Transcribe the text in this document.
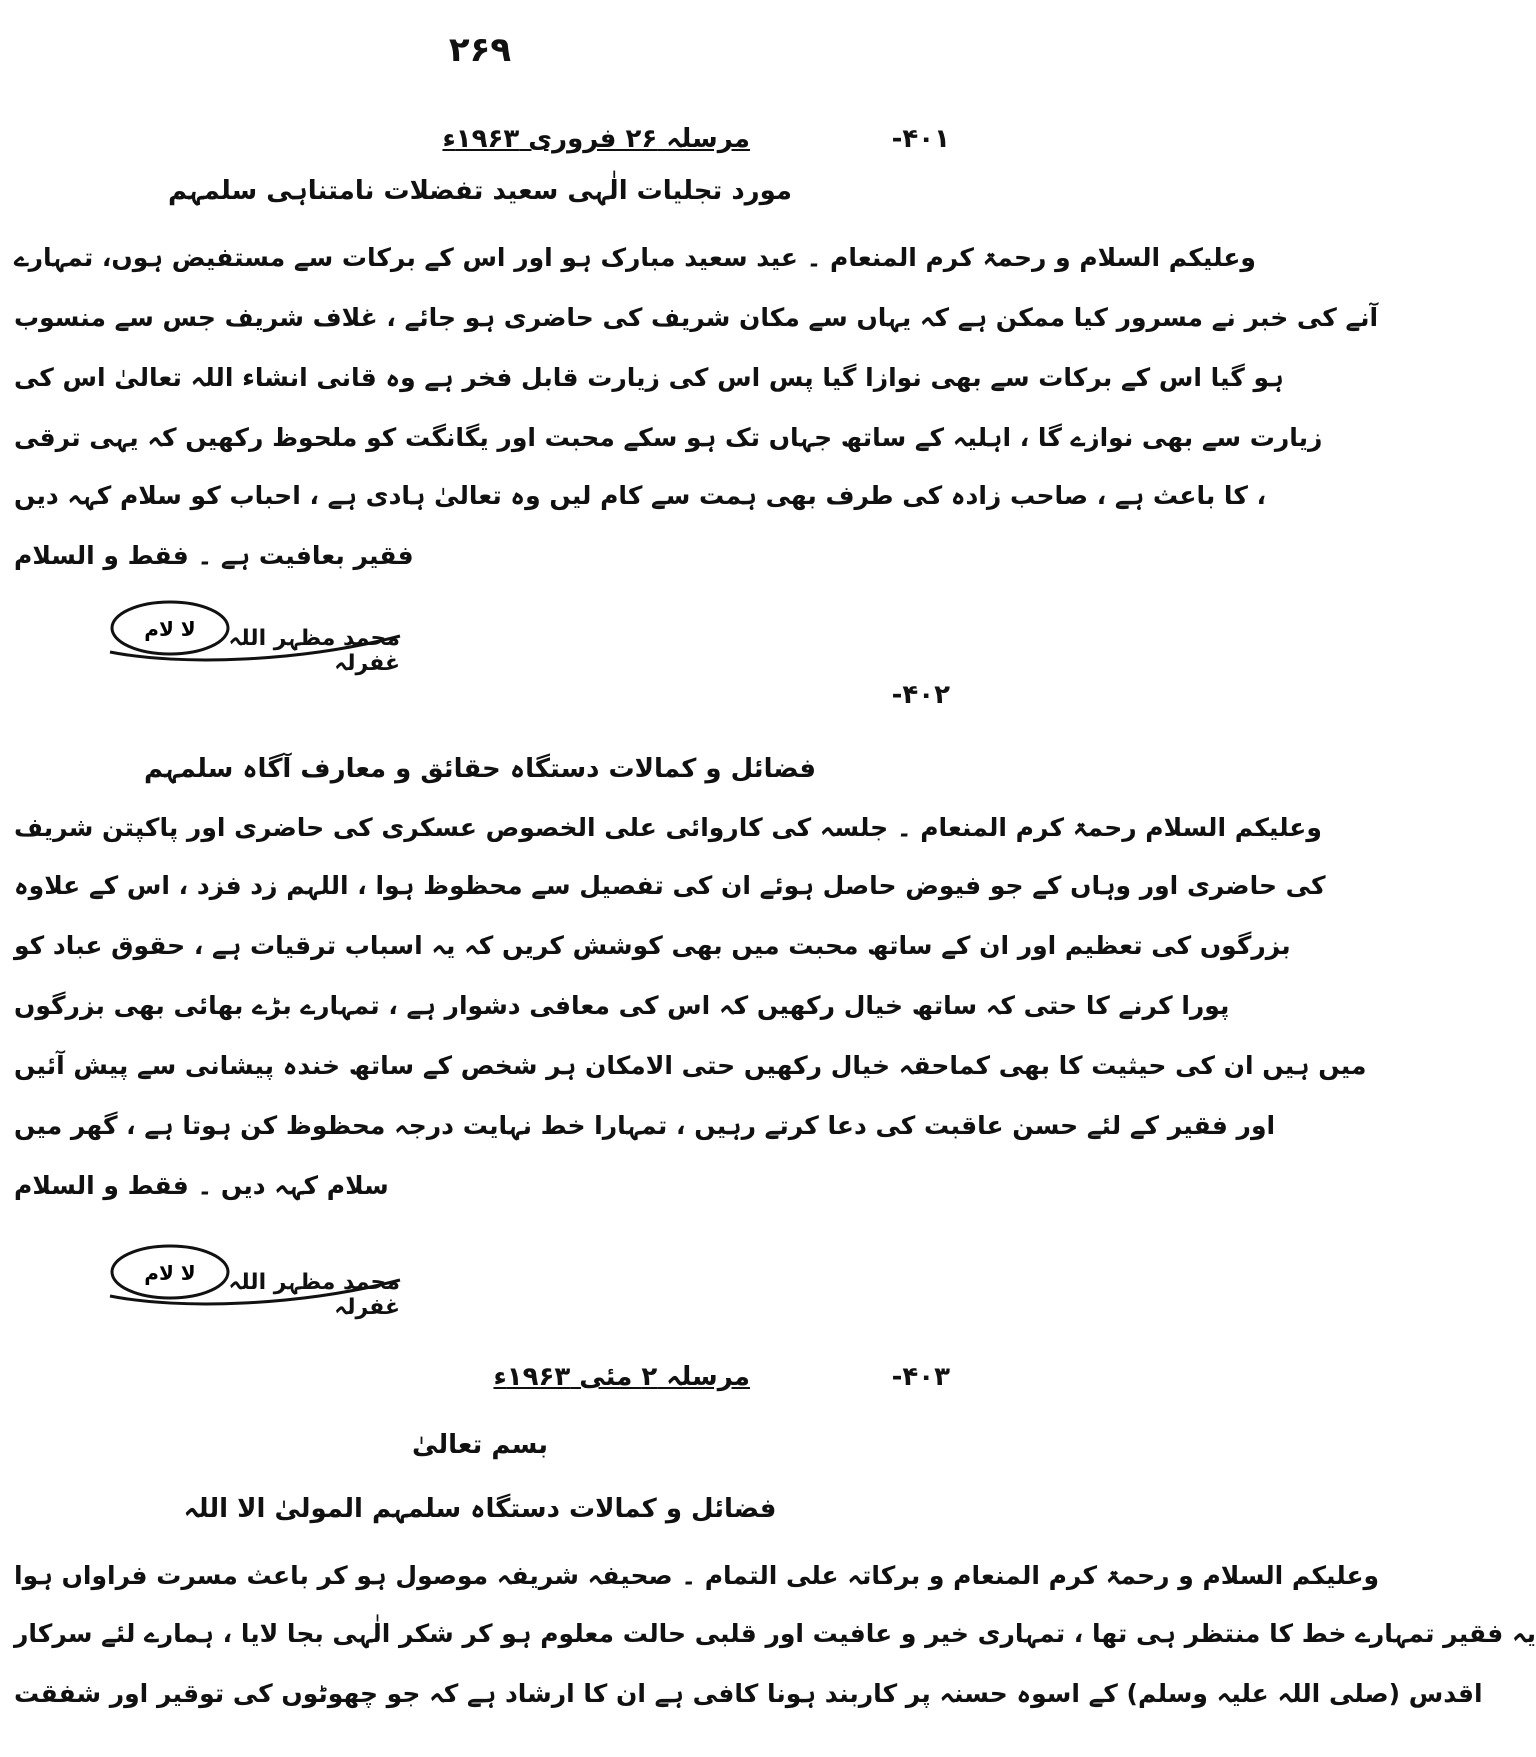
۲۶۹
۴۰۱-
مرسلہ ۲۶ فروری ۱۹۶۳ء
مورد تجلیات الٰہی سعید تفضلات نامتناہی سلمہم
وعلیکم السلام و رحمۃ کرم المنعام ۔ عید سعید مبارک ہو اور اس کے برکات سے مستفیض ہوں، تمہارے
آنے کی خبر نے مسرور کیا ممکن ہے کہ یہاں سے مکان شریف کی حاضری ہو جائے ، غلاف شریف جس سے منسوب
ہو گیا اس کے برکات سے بھی نوازا گیا پس اس کی زیارت قابل فخر ہے وہ قانی انشاء اللہ تعالیٰ اس کی
زیارت سے بھی نوازے گا ، اہلیہ کے ساتھ جہاں تک ہو سکے محبت اور یگانگت کو ملحوظ رکھیں کہ یہی ترقی
کا باعث ہے ، صاحب زادہ کی طرف بھی ہمت سے کام لیں وہ تعالیٰ ہادی ہے ، احباب کو سلام کہہ دیں ،
فقیر بعافیت ہے ۔ فقط و السلام
لا لام	محمد مظہر اللہ غفرلہ
۴۰۲-
فضائل و کمالات دستگاہ حقائق و معارف آگاہ سلمہم
وعلیکم السلام رحمۃ کرم المنعام ۔ جلسہ کی کاروائی علی الخصوص عسکری کی حاضری اور پاکپتن شریف
کی حاضری اور وہاں کے جو فیوض حاصل ہوئے ان کی تفصیل سے محظوظ ہوا ، اللہم زد فزد ، اس کے علاوہ
بزرگوں کی تعظیم اور ان کے ساتھ محبت میں بھی کوشش کریں کہ یہ اسباب ترقیات ہے ، حقوق عباد کو
پورا کرنے کا حتی کہ ساتھ خیال رکھیں کہ اس کی معافی دشوار ہے ، تمہارے بڑے بھائی بھی بزرگوں
میں ہیں ان کی حیثیت کا بھی کماحقہ خیال رکھیں حتی الامکان ہر شخص کے ساتھ خندہ پیشانی سے پیش آئیں
اور فقیر کے لئے حسن عاقبت کی دعا کرتے رہیں ، تمہارا خط نہایت درجہ محظوظ کن ہوتا ہے ، گھر میں
سلام کہہ دیں ۔ فقط و السلام
لا لام	محمد مظہر اللہ غفرلہ
۴۰۳-
مرسلہ ۲ مئی ۱۹۶۳ء
بسم تعالیٰ
فضائل و کمالات دستگاہ سلمہم المولیٰ الا اللہ
وعلیکم السلام و رحمۃ کرم المنعام و برکاتہ علی التمام ۔ صحیفہ شریفہ موصول ہو کر باعث مسرت فراواں ہوا
یہ فقیر تمہارے خط کا منتظر ہی تھا ، تمہاری خیر و عافیت اور قلبی حالت معلوم ہو کر شکر الٰہی بجا لایا ، ہمارے لئے سرکار
اقدس (صلی اللہ علیہ وسلم) کے اسوہ حسنہ پر کاربند ہونا کافی ہے ان کا ارشاد ہے کہ جو چھوٹوں کی توقیر اور شفقت
